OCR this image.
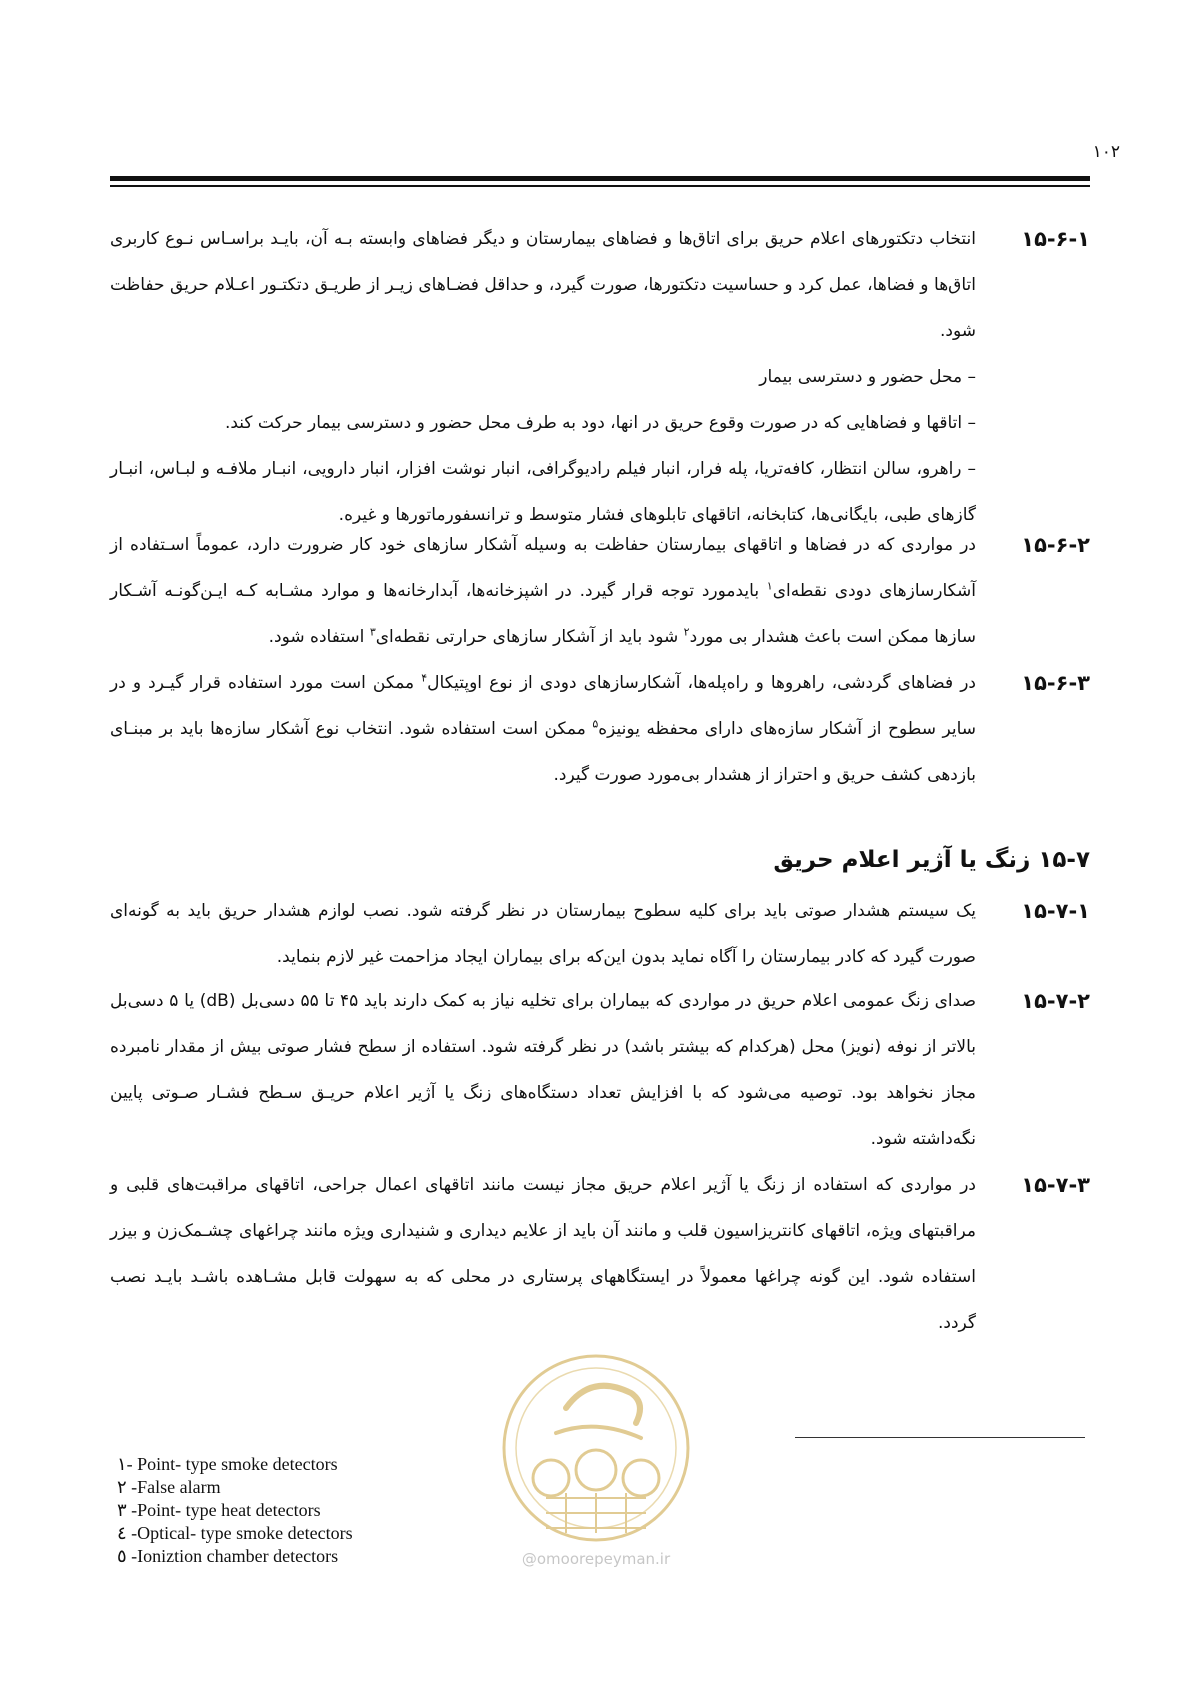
۱۰۲
۱۵-۶-۱
انتخاب دتکتورهای اعلام حریق برای اتاق‌ها و فضاهای بیمارستان و دیگر فضاهای وابسته بـه آن، بایـد براسـاس نـوع کاربری اتاق‌ها و فضاها، عمل کرد و حساسیت دتکتورها، صورت گیرد، و حداقل فضـاهای زیـر از طریـق دتکتـور اعـلام حریق حفاظت شود.
– محل حضور و دسترسی بیمار
– اتاقها و فضاهایی که در صورت وقوع حریق در انها، دود به طرف محل حضور و دسترسی بیمار حرکت کند.
– راهرو، سالن انتظار، کافه‌تریا، پله فرار، انبار فیلم رادیوگرافی، انبار نوشت افزار، انبار دارویی، انبـار ملافـه و لبـاس، انبـار گازهای طبی، بایگانی‌ها، کتابخانه، اتاقهای تابلوهای فشار متوسط و ترانسفورماتورها و غیره.
۱۵-۶-۲
در مواردی که در فضاها و اتاقهای بیمارستان حفاظت به وسیله آشکار سازهای خود کار ضرورت دارد، عموماً اسـتفاده از آشکارسازهای دودی نقطه‌ای$^۱$ بایدمورد توجه قرار گیرد. در اشپزخانه‌ها، آبدارخانه‌ها و موارد مشـابه کـه ایـن‌گونـه آشـکار سازها ممکن است باعث هشدار بی مورد$^۲$ شود باید از آشکار سازهای حرارتی نقطه‌ای$^۳$ استفاده شود.
۱۵-۶-۳
در فضاهای گردشی، راهروها و راه‌پله‌ها، آشکارسازهای دودی از نوع اوپتیکال$^۴$ ممکن است مورد استفاده قرار گیـرد و در سایر سطوح از آشکار سازه‌های دارای محفظه یونیزه$^۵$ ممکن است استفاده شود. انتخاب نوع آشکار سازه‌ها باید بر مبنـای بازدهی کشف حریق و احتراز از هشدار بی‌مورد صورت گیرد.
۱۵-۷ زنگ یا آژیر اعلام حریق
۱۵-۷-۱
یک سیستم هشدار صوتی باید برای کلیه سطوح بیمارستان در نظر گرفته شود. نصب لوازم هشدار حریق باید به گونه‌ای صورت گیرد که کادر بیمارستان را آگاه نماید بدون این‌که برای بیماران ایجاد مزاحمت غیر لازم بنماید.
۱۵-۷-۲
صدای زنگ عمومی اعلام حریق در مواردی که بیماران برای تخلیه نیاز به کمک دارند باید ۴۵ تا ۵۵ دسی‌بل (dB) یا ۵ دسی‌بل بالاتر از نوفه (نویز) محل (هرکدام که بیشتر باشد) در نظر گرفته شود. استفاده از سطح فشار صوتی بیش از مقدار نامبرده مجاز نخواهد بود. توصیه می‌شود که با افزایش تعداد دستگاه‌های زنگ یا آژیر اعلام حریـق سـطح فشـار صـوتی پایین نگه‌داشته شود.
۱۵-۷-۳
در مواردی که استفاده از زنگ یا آژیر اعلام حریق مجاز نیست مانند اتاقهای اعمال جراحی، اتاقهای مراقبت‌های قلبی و مراقبتهای ویژه، اتاقهای کانتریزاسیون قلب و مانند آن باید از علایم دیداری و شنیداری ویژه مانند چراغهای چشـمک‌زن و بیزر استفاده شود. این گونه چراغها معمولاً در ایستگاههای پرستاری در محلی که به سهولت قابل مشـاهده باشـد بایـد نصب گردد.
@omoorepeyman.ir
۱- Point- type smoke detectors
۲ -False alarm
۳ -Point- type heat detectors
٤ -Optical- type smoke detectors
٥ -Ioniztion chamber detectors
